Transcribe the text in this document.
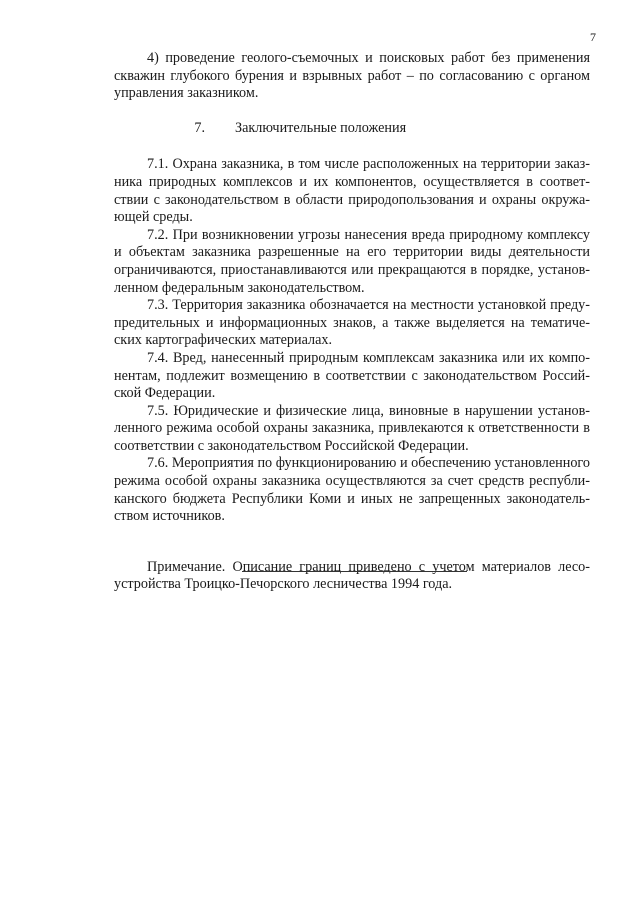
7
4) проведение геолого-съемочных и поисковых работ без применения
скважин глубокого бурения и взрывных работ – по согласованию с органом
управления заказником.
7.	Заключительные положения
7.1. Охрана заказника, в том числе расположенных на территории заказ-
ника природных комплексов и их компонентов, осуществляется в соответ-
ствии с законодательством в области природопользования и охраны окружа-
ющей среды.
7.2. При возникновении угрозы нанесения вреда природному комплексу
и объектам заказника разрешенные на его территории виды деятельности
ограничиваются, приостанавливаются или прекращаются в порядке, установ-
ленном федеральным законодательством.
7.3. Территория заказника обозначается на местности установкой преду-
предительных и информационных знаков, а также выделяется на тематиче-
ских картографических материалах.
7.4. Вред, нанесенный природным комплексам заказника или их компо-
нентам, подлежит возмещению в соответствии с законодательством Россий-
ской Федерации.
7.5. Юридические и физические лица, виновные в нарушении установ-
ленного режима особой охраны заказника, привлекаются к ответственности в
соответствии с законодательством Российской Федерации.
7.6. Мероприятия по функционированию и обеспечению установленного
режима особой охраны заказника осуществляются за счет средств республи-
канского бюджета Республики Коми и иных не запрещенных законодатель-
ством источников.
Примечание. Описание границ приведено с учетом материалов лесо-
устройства Троицко-Печорского лесничества 1994 года.
